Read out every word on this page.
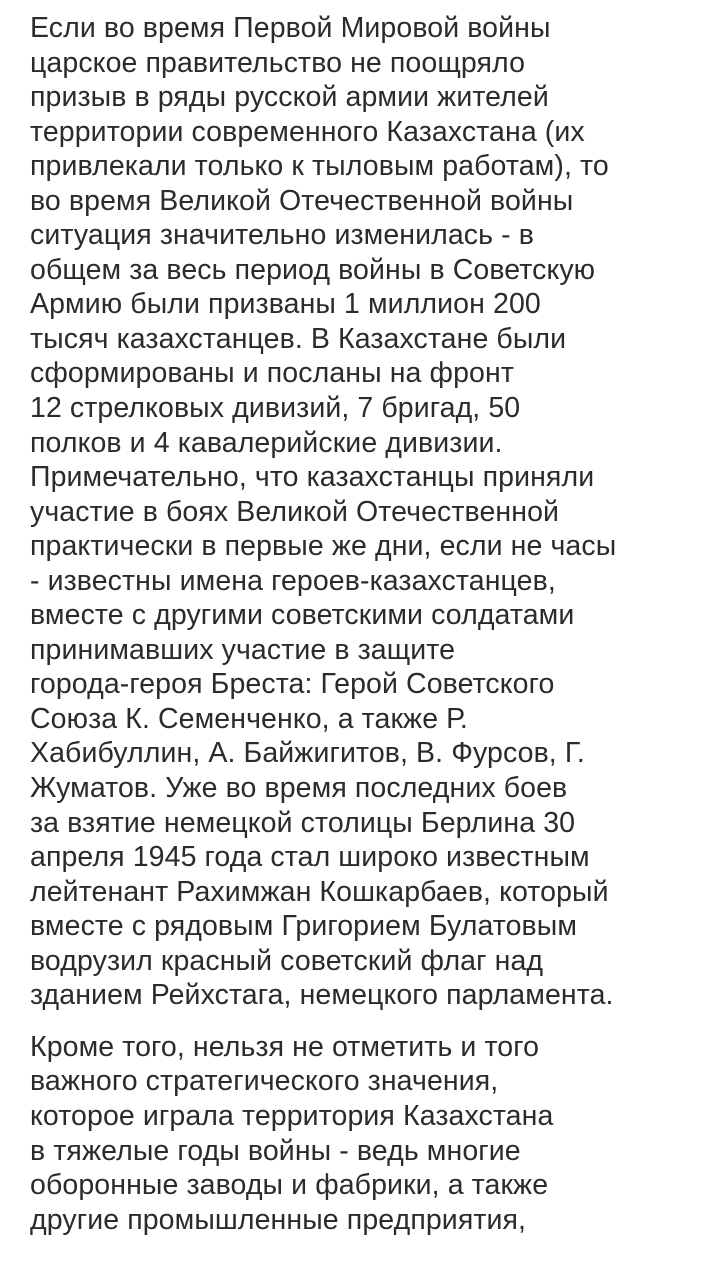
Если во время Первой Мировой войны
царское правительство не поощряло
призыв в ряды русской армии жителей
территории современного Казахстана (их
привлекали только к тыловым работам), то
во время Великой Отечественной войны
ситуация значительно изменилась - в
общем за весь период войны в Советскую
Армию были призваны 1 миллион 200
тысяч казахстанцев. В Казахстане были
сформированы и посланы на фронт
12 стрелковых дивизий, 7 бригад, 50
полков и 4 кавалерийские дивизии.
Примечательно, что казахстанцы приняли
участие в боях Великой Отечественной
практически в первые же дни, если не часы
- известны имена героев-казахстанцев,
вместе с другими советскими солдатами
принимавших участие в защите
города-героя Бреста: Герой Советского
Союза К. Семенченко, а также Р.
Хабибуллин, А. Байжигитов, В. Фурсов, Г.
Жуматов. Уже во время последних боев
за взятие немецкой столицы Берлина 30
апреля 1945 года стал широко известным
лейтенант Рахимжан Кошкарбаев, который
вместе с рядовым Григорием Булатовым
водрузил красный советский флаг над
зданием Рейхстага, немецкого парламента.
Кроме того, нельзя не отметить и того
важного стратегического значения,
которое играла территория Казахстана
в тяжелые годы войны - ведь многие
оборонные заводы и фабрики, а также
другие промышленные предприятия,
